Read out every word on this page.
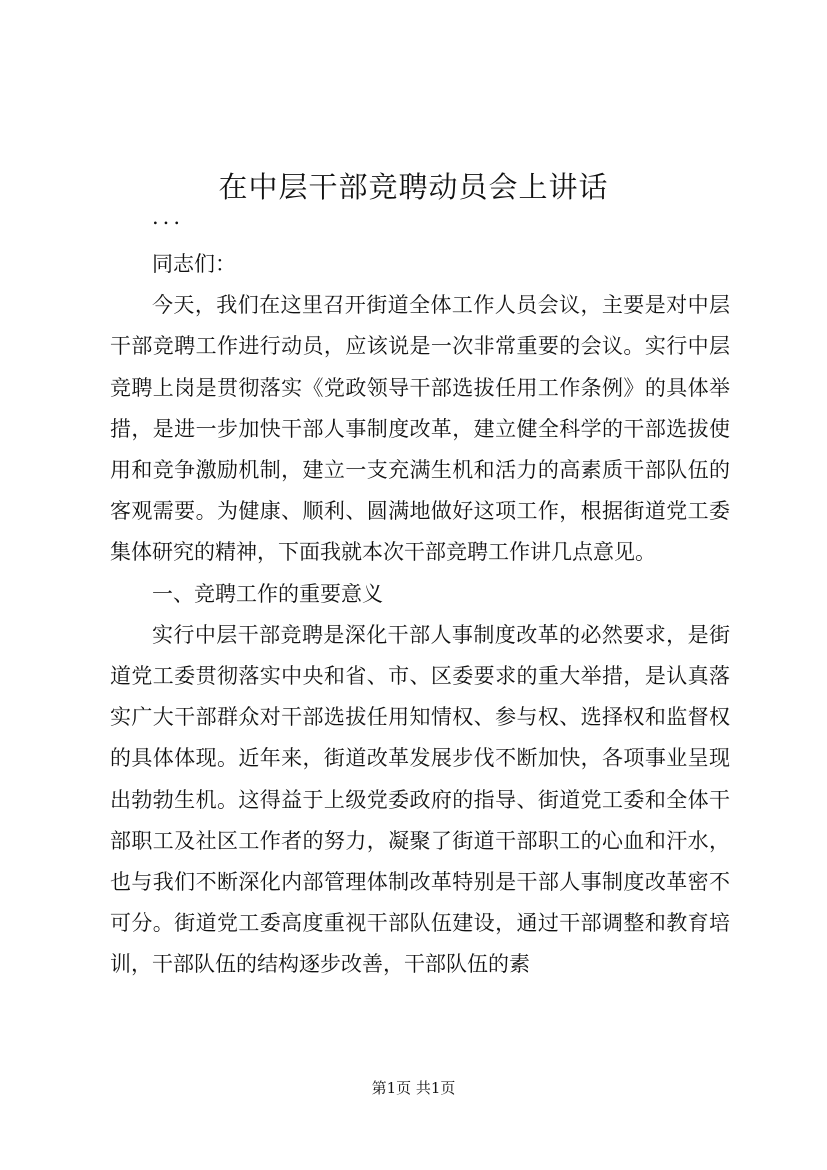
在中层干部竞聘动员会上讲话

...

同志们：

今天，我们在这里召开街道全体工作人员会议，主要是对中层干部竞聘工作进行动员，应该说是一次非常重要的会议。实行中层竞聘上岗是贯彻落实《党政领导干部选拔任用工作条例》的具体举措，是进一步加快干部人事制度改革，建立健全科学的干部选拔使用和竞争激励机制，建立一支充满生机和活力的高素质干部队伍的客观需要。为健康、顺利、圆满地做好这项工作，根据街道党工委集体研究的精神，下面我就本次干部竞聘工作讲几点意见。

一、竞聘工作的重要意义

实行中层干部竞聘是深化干部人事制度改革的必然要求，是街道党工委贯彻落实中央和省、市、区委要求的重大举措，是认真落实广大干部群众对干部选拔任用知情权、参与权、选择权和监督权的具体体现。近年来，街道改革发展步伐不断加快，各项事业呈现出勃勃生机。这得益于上级党委政府的指导、街道党工委和全体干部职工及社区工作者的努力，凝聚了街道干部职工的心血和汗水，也与我们不断深化内部管理体制改革特别是干部人事制度改革密不可分。街道党工委高度重视干部队伍建设，通过干部调整和教育培训，干部队伍的结构逐步改善，干部队伍的素

第1页 共1页
